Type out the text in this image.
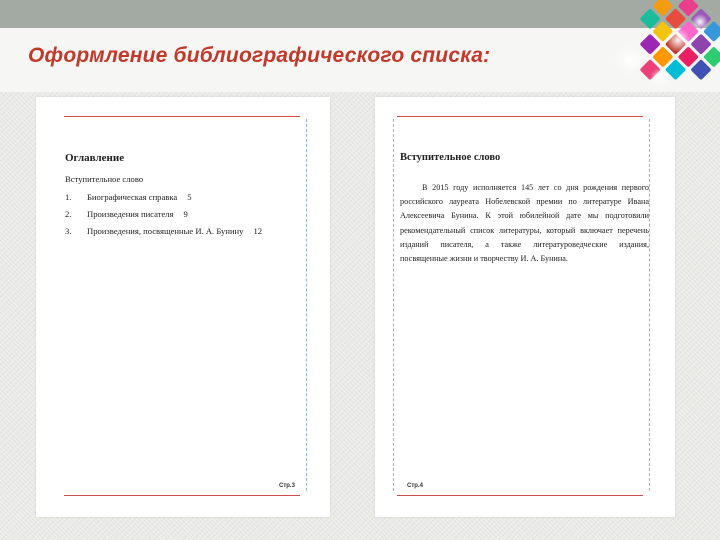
Оформление библиографического списка:
Оглавление
Вступительное слово
1. Биографическая справка 5
2. Произведения писателя 9
3. Произведения, посвященные И. А. Бунину 12
Стр.3
Вступительное слово

В 2015 году исполняется 145 лет со дня рождения первого российского лауреата Нобелевской премии по литературе Ивана Алексеевича Бунина. К этой юбилейной дате мы подготовили рекомендательный список литературы, который включает перечень изданий писателя, а также литературоведческие издания, посвященные жизни и творчеству И. А. Бунина.

Стр.4
